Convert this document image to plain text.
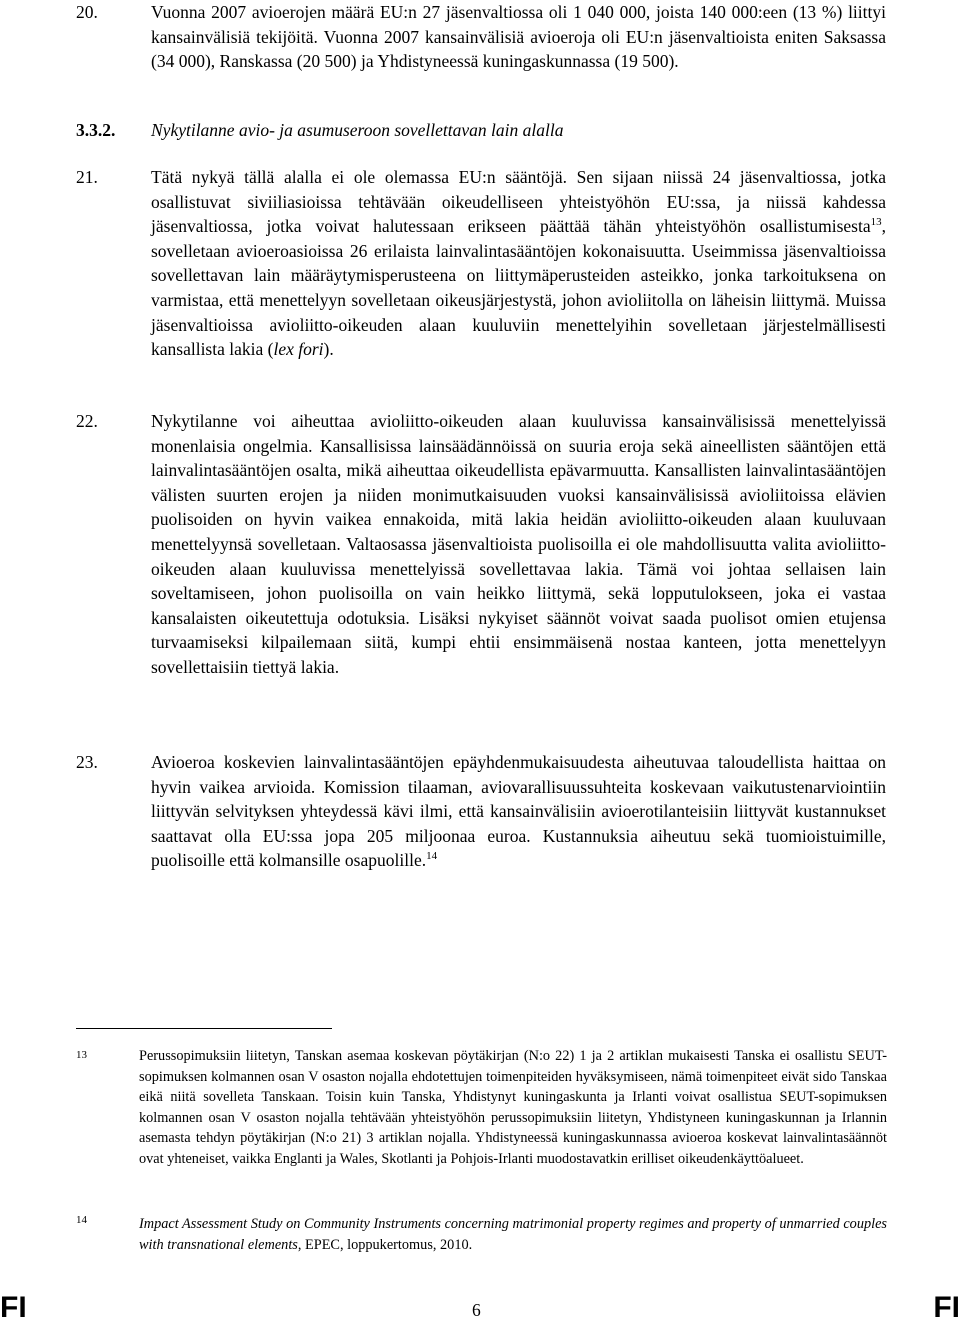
20.	Vuonna 2007 avioerojen määrä EU:n 27 jäsenvaltiossa oli 1 040 000, joista 140 000:een (13 %) liittyi kansainvälisiä tekijöitä. Vuonna 2007 kansainvälisiä avioeroja oli EU:n jäsenvaltioista eniten Saksassa (34 000), Ranskassa (20 500) ja Yhdistyneessä kuningaskunnassa (19 500).
3.3.2. Nykytilanne avio- ja asumuseroon sovellettavan lain alalla
21.	Tätä nykyä tällä alalla ei ole olemassa EU:n sääntöjä. Sen sijaan niissä 24 jäsenvaltiossa, jotka osallistuvat siviiliasioissa tehtävään oikeudelliseen yhteistyöhön EU:ssa, ja niissä kahdessa jäsenvaltiossa, jotka voivat halutessaan erikseen päättää tähän yhteistyöhön osallistumisesta$^{13}$, sovelletaan avioeroasioissa 26 erilaista lainvalintasääntöjen kokonaisuutta. Useimmissa jäsenvaltioissa sovellettavan lain määräytymisperusteena on liittymäperusteiden asteikko, jonka tarkoituksena on varmistaa, että menettelyyn sovelletaan oikeusjärjestystä, johon avioliitolla on läheisin liittymä. Muissa jäsenvaltioissa avioliitto-oikeuden alaan kuuluviin menettelyihin sovelletaan järjestelmällisesti kansallista lakia (lex fori).
22.	Nykytilanne voi aiheuttaa avioliitto-oikeuden alaan kuuluvissa kansainvälisissä menettelyissä monenlaisia ongelmia. Kansallisissa lainsäädännöissä on suuria eroja sekä aineellisten sääntöjen että lainvalintasääntöjen osalta, mikä aiheuttaa oikeudellista epävarmuutta. Kansallisten lainvalintasääntöjen välisten suurten erojen ja niiden monimutkaisuuden vuoksi kansainvälisissä avioliitoissa elävien puolisoiden on hyvin vaikea ennakoida, mitä lakia heidän avioliitto-oikeuden alaan kuuluvaan menettelyynsä sovelletaan. Valtaosassa jäsenvaltioista puolisoilla ei ole mahdollisuutta valita avioliitto-oikeuden alaan kuuluvissa menettelyissä sovellettavaa lakia. Tämä voi johtaa sellaisen lain soveltamiseen, johon puolisoilla on vain heikko liittymä, sekä lopputulokseen, joka ei vastaa kansalaisten oikeutettuja odotuksia. Lisäksi nykyiset säännöt voivat saada puolisot omien etujensa turvaamiseksi kilpailemaan siitä, kumpi ehtii ensimmäisenä nostaa kanteen, jotta menettelyyn sovellettaisiin tiettyä lakia.
23.	Avioeroa koskevien lainvalintasääntöjen epäyhdenmukaisuudesta aiheutuvaa taloudellista haittaa on hyvin vaikea arvioida. Komission tilaaman, aviovarallisuussuhteita koskevaan vaikutustenarviointiin liittyvän selvityksen yhteydessä kävi ilmi, että kansainvälisiin avioerotilanteisiin liittyvät kustannukset saattavat olla EU:ssa jopa 205 miljoonaa euroa. Kustannuksia aiheutuu sekä tuomioistuimille, puolisoille että kolmansille osapuolille.$^{14}$
13	Perussopimuksiin liitetyn, Tanskan asemaa koskevan pöytäkirjan (N:o 22) 1 ja 2 artiklan mukaisesti Tanska ei osallistu SEUT-sopimuksen kolmannen osan V osaston nojalla ehdotettujen toimenpiteiden hyväksymiseen, nämä toimenpiteet eivät sido Tanskaa eikä niitä sovelleta Tanskaan. Toisin kuin Tanska, Yhdistynyt kuningaskunta ja Irlanti voivat osallistua SEUT-sopimuksen kolmannen osan V osaston nojalla tehtävään yhteistyöhön perussopimuksiin liitetyn, Yhdistyneen kuningaskunnan ja Irlannin asemasta tehdyn pöytäkirjan (N:o 21) 3 artiklan nojalla. Yhdistyneessä kuningaskunnassa avioeroa koskevat lainvalintasäännöt ovat yhteneiset, vaikka Englanti ja Wales, Skotlanti ja Pohjois-Irlanti muodostavatkin erilliset oikeudenkäyttöalueet.
14	Impact Assessment Study on Community Instruments concerning matrimonial property regimes and property of unmarried couples with transnational elements, EPEC, loppukertomus, 2010.
FI	6	FI
